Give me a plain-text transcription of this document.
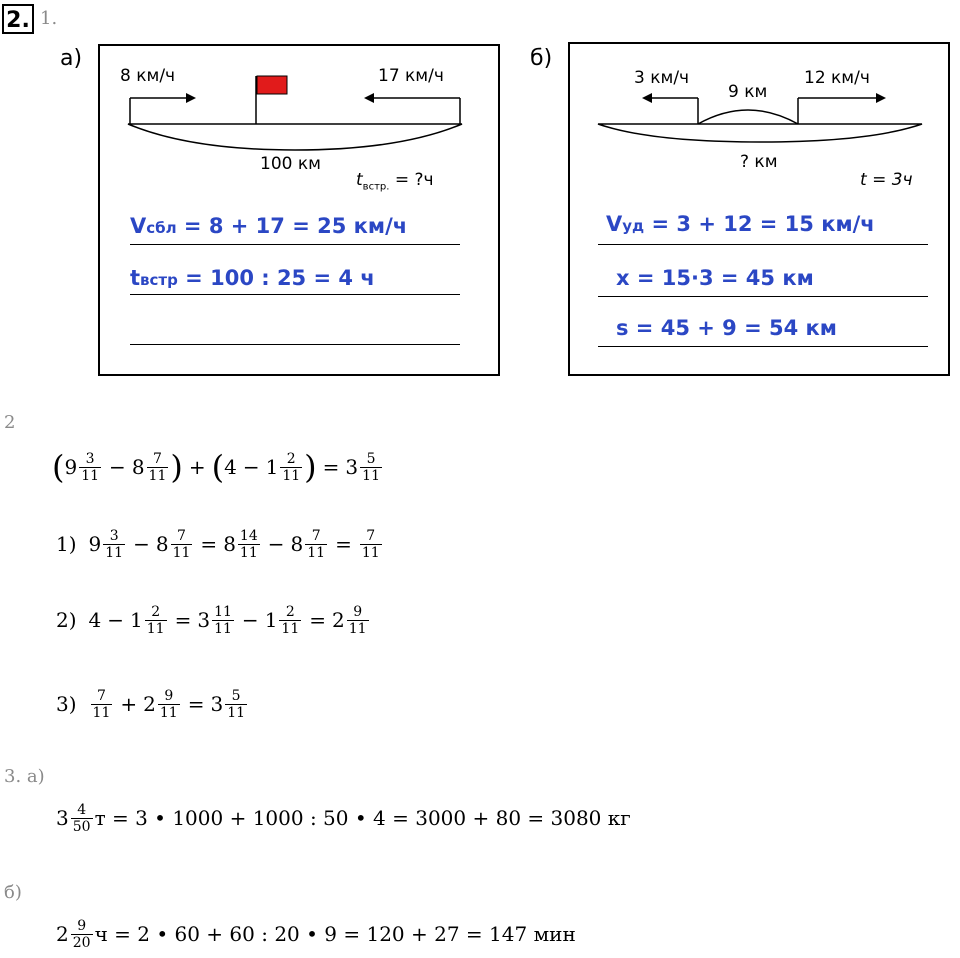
2. 1.
а)
8 км/ч	17 км/ч
100 км
$t_{встр.}$ = ?ч
Vсбл = 8 + 17 = 25 км/ч
tвстр = 100 : 25 = 4 ч
б)
3 км/ч
9 км
12 км/ч
? км
t = 3ч
Vуд = 3 + 12 = 15 км/ч
x = 15·3 = 45 км
s = 45 + 9 = 54 км
2
( $9 \frac{3}{11} - 8 \frac{7}{11}$ ) + ( $4 - 1 \frac{2}{11}$ ) = $3 \frac{5}{11}$
1) $9 \frac{3}{11} - 8 \frac{7}{11} = 8 \frac{14}{11} - 8 \frac{7}{11} = \frac{7}{11}$
2) $4 - 1 \frac{2}{11} = 3 \frac{11}{11} - 1 \frac{2}{11} = 2 \frac{9}{11}$
$3) \frac{7}{11} + 2 \frac{9}{11} = 3 \frac{5}{11}$
3. а)
$3 \frac{4}{50}$ т = 3 • 1000 + 1000 : 50 • 4 = 3000 + 80 = 3080 кг
б)
$2 \frac{9}{20}$ ч = 2 • 60 + 60 : 20 • 9 = 120 + 27 = 147 мин
